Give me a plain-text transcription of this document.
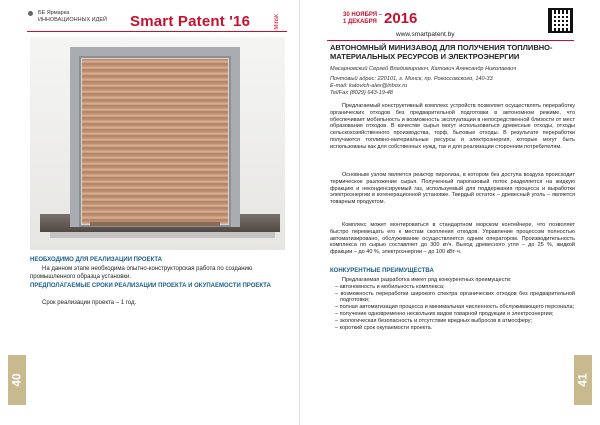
БЕ Ярмарка ИННОВАЦИОННЫХ ИДЕЙ	Smart Patent '16	Minsk
НЕОБХОДИМО ДЛЯ РЕАЛИЗАЦИИ ПРОЕКТА
На данном этапе необходима опытно-конструкторская работа по созданию промышленного образца установки.
ПРЕДПОЛАГАЕМЫЕ СРОКИ РЕАЛИЗАЦИИ ПРОЕКТА И ОКУПАЕМОСТИ ПРОЕКТА
Срок реализации проекта – 1 год.
40
30 НОЯБРЯ –
1 ДЕКАБРЯ 2016
www.smartpatent.by
АВТОНОМНЫЙ МИНИЗАВОД ДЛЯ ПОЛУЧЕНИЯ ТОПЛИВНО-МАТЕРИАЛЬНЫХ РЕСУРСОВ И ЭЛЕКТРОЭНЕРГИИ
Масарновский Сергей Владимирович, Катович Александр Николаевич
Почтовый адрес: 220101, г. Минск, пр. Рокоссовского, 140-33
E-mail: katovich-alex@inbox.ru
Tel/Fax (8029) 643-19-48
Предлагаемый конструктивный комплекс устройств позволяет осуществлять переработку органических отходов без предварительной подготовки в автономном режиме, что обеспечивает мобильность и возможность эксплуатации в непосредственной близости от мест образования отходов. В качестве сырья могут использоваться древесные отходы, отходы сельскохозяйственного производства, торф, бытовые отходы. В результате переработки получаются топливно-материальные ресурсы и электроэнергия, которые могут быть использованы как для собственных нужд, так и для реализации сторонним потребителям.
Основным узлом является реактор пиролиза, в котором без доступа воздуха происходит термическое разложение сырья. Полученный парогазовый поток разделяется на жидкую фракцию и неконденсируемый газ, используемый для поддержания процесса и выработки электроэнергии в когенерационной установке. Твердый остаток – древесный уголь – является товарным продуктом.
Комплекс может монтироваться в стандартном морском контейнере, что позволяет быстро перемещать его к местам скопления отходов. Управление процессом полностью автоматизировано, обслуживание осуществляется одним оператором. Производительность комплекса по сырью составляет до 300 кг/ч. Выход древесного угля – до 25 %, жидкой фракции – до 40 %, электроэнергии – до 100 кВт·ч.
КОНКУРЕНТНЫЕ ПРЕИМУЩЕСТВА
Предлагаемая разработка имеет ряд конкурентных преимуществ:
– автономность и мобильность комплекса;
– возможность переработки широкого спектра органических отходов без предварительной подготовки;
– полная автоматизация процесса и минимальная численность обслуживающего персонала;
– получение одновременно нескольких видов товарной продукции и электроэнергии;
– экологическая безопасность и отсутствие вредных выбросов в атмосферу;
– короткий срок окупаемости проекта.
41
